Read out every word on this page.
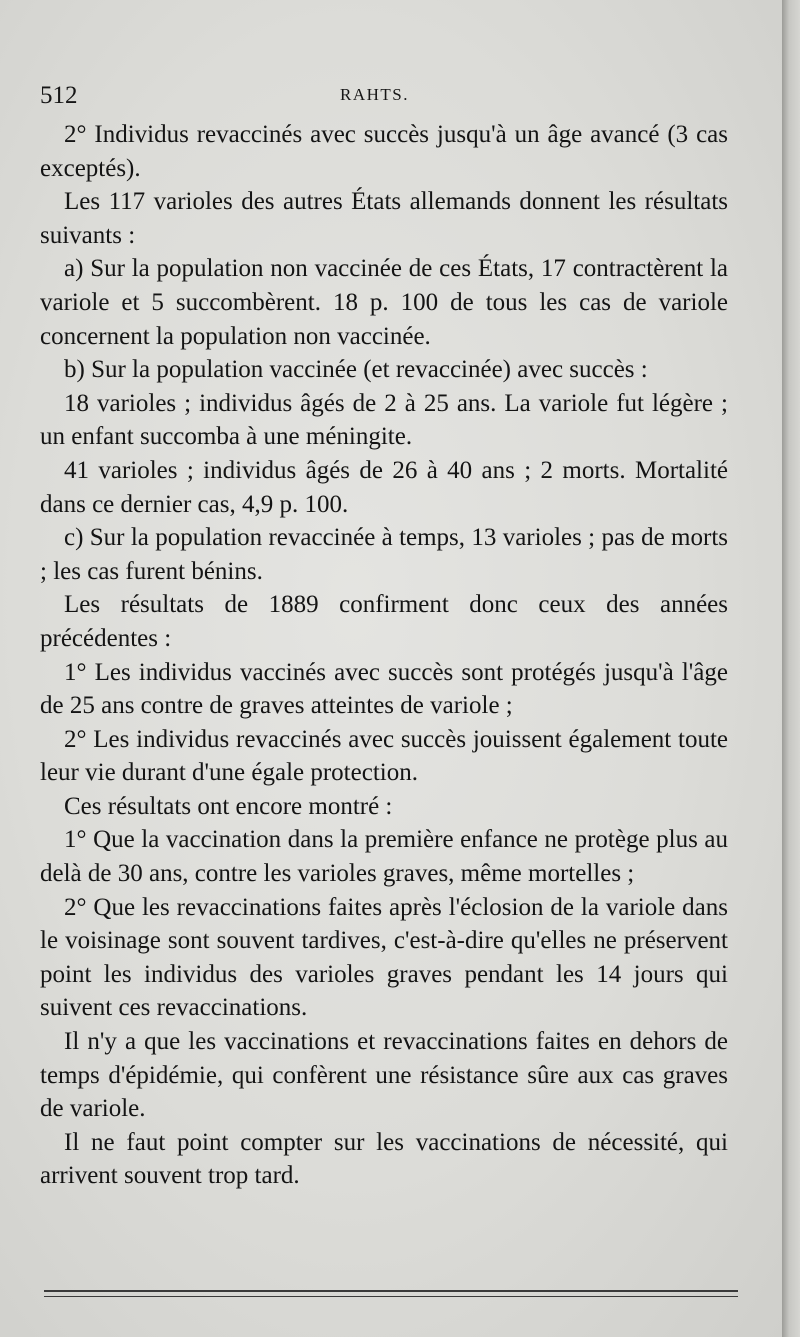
512	RAHTS.

2° Individus revaccinés avec succès jusqu'à un âge avancé (3 cas exceptés).

Les 117 varioles des autres États allemands donnent les résultats suivants :

a) Sur la population non vaccinée de ces États, 17 contractèrent la variole et 5 succombèrent. 18 p. 100 de tous les cas de variole concernent la population non vaccinée.

b) Sur la population vaccinée (et revaccinée) avec succès :

18 varioles ; individus âgés de 2 à 25 ans. La variole fut légère ; un enfant succomba à une méningite.

41 varioles ; individus âgés de 26 à 40 ans ; 2 morts. Mortalité dans ce dernier cas, 4,9 p. 100.

c) Sur la population revaccinée à temps, 13 varioles ; pas de morts ; les cas furent bénins.

Les résultats de 1889 confirment donc ceux des années précédentes :

1° Les individus vaccinés avec succès sont protégés jusqu'à l'âge de 25 ans contre de graves atteintes de variole ;

2° Les individus revaccinés avec succès jouissent également toute leur vie durant d'une égale protection.

Ces résultats ont encore montré :

1° Que la vaccination dans la première enfance ne protège plus au delà de 30 ans, contre les varioles graves, même mortelles ;

2° Que les revaccinations faites après l'éclosion de la variole dans le voisinage sont souvent tardives, c'est-à-dire qu'elles ne préservent point les individus des varioles graves pendant les 14 jours qui suivent ces revaccinations.

Il n'y a que les vaccinations et revaccinations faites en dehors de temps d'épidémie, qui confèrent une résistance sûre aux cas graves de variole.

Il ne faut point compter sur les vaccinations de nécessité, qui arrivent souvent trop tard.
